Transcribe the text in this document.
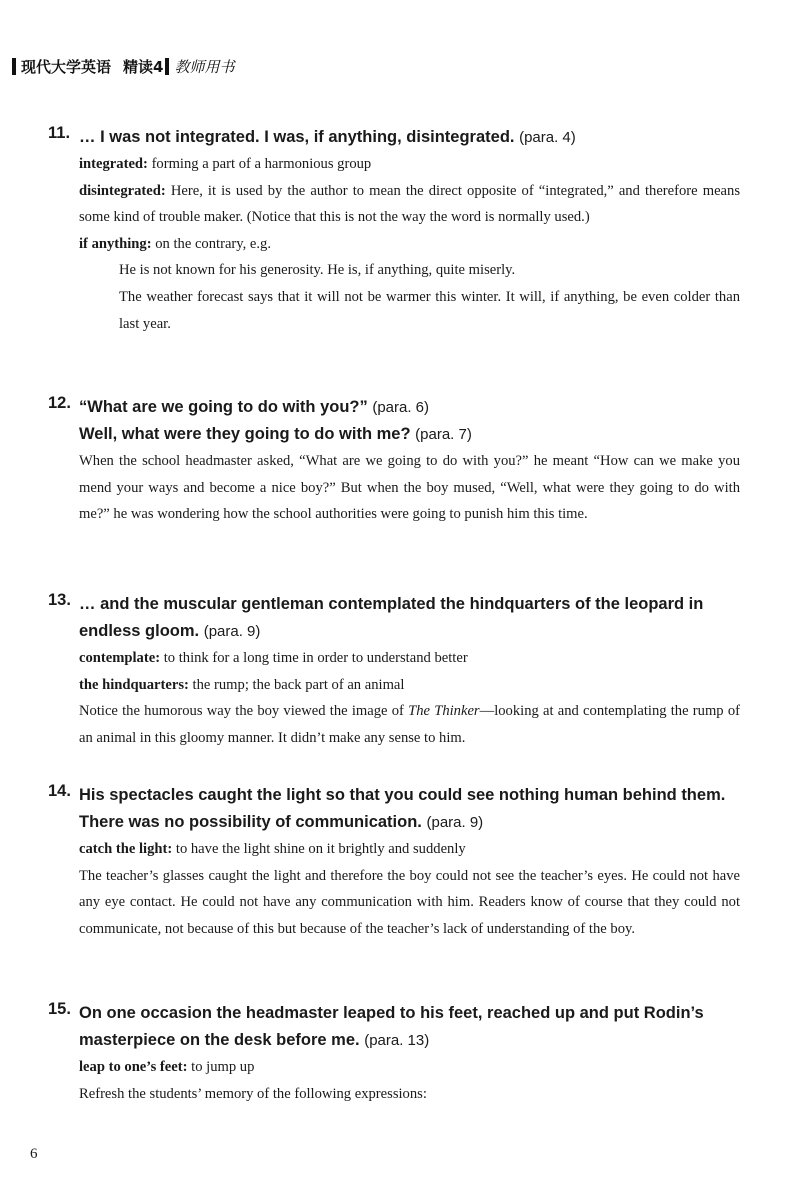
现代大学英语 精读4 教师用书
11. … I was not integrated. I was, if anything, disintegrated. (para. 4)

integrated: forming a part of a harmonious group

disintegrated: Here, it is used by the author to mean the direct opposite of “integrated,” and therefore means some kind of trouble maker. (Notice that this is not the way the word is normally used.)

if anything: on the contrary, e.g.

He is not known for his generosity. He is, if anything, quite miserly.

The weather forecast says that it will not be warmer this winter. It will, if anything, be even colder than last year.

12. “What are we going to do with you?” (para. 6)

Well, what were they going to do with me? (para. 7)

When the school headmaster asked, “What are we going to do with you?” he meant “How can we make you mend your ways and become a nice boy?” But when the boy mused, “Well, what were they going to do with me?” he was wondering how the school authorities were going to punish him this time.

13. … and the muscular gentleman contemplated the hindquarters of the leopard in endless gloom. (para. 9)

contemplate: to think for a long time in order to understand better

the hindquarters: the rump; the back part of an animal

Notice the humorous way the boy viewed the image of The Thinker—looking at and contemplating the rump of an animal in this gloomy manner. It didn’t make any sense to him.

14. His spectacles caught the light so that you could see nothing human behind them. There was no possibility of communication. (para. 9)

catch the light: to have the light shine on it brightly and suddenly

The teacher’s glasses caught the light and therefore the boy could not see the teacher’s eyes. He could not have any eye contact. He could not have any communication with him. Readers know of course that they could not communicate, not because of this but because of the teacher’s lack of understanding of the boy.

15. On one occasion the headmaster leaped to his feet, reached up and put Rodin’s masterpiece on the desk before me. (para. 13)

leap to one’s feet: to jump up

Refresh the students’ memory of the following expressions:

6
